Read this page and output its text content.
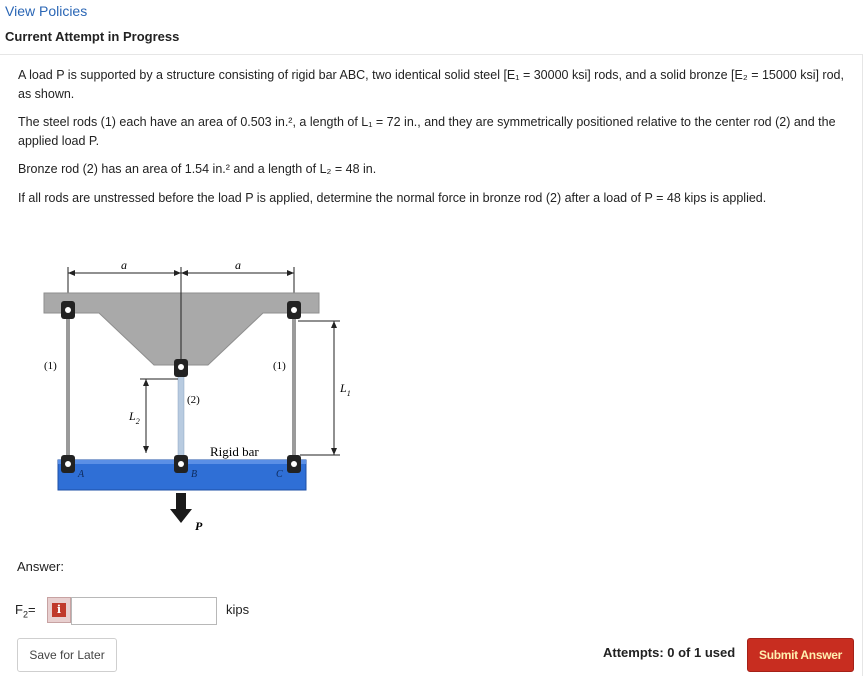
View Policies
Current Attempt in Progress

A load P is supported by a structure consisting of rigid bar ABC, two identical solid steel [E₁ = 30000 ksi] rods, and a solid bronze [E₂ = 15000 ksi] rod, as shown.

The steel rods (1) each have an area of 0.503 in.², a length of L₁ = 72 in., and they are symmetrically positioned relative to the center rod (2) and the applied load P.

Bronze rod (2) has an area of 1.54 in.² and a length of L₂ = 48 in.

If all rods are unstressed before the load P is applied, determine the normal force in bronze rod (2) after a load of P = 48 kips is applied.

a	a
(1)	(1)
(2)
$L_2$
$L_1$
Rigid bar
A	B	C
P
Answer:
$F_2=$	i	kips
Save for Later	Attempts: 0 of 1 used	Submit Answer
